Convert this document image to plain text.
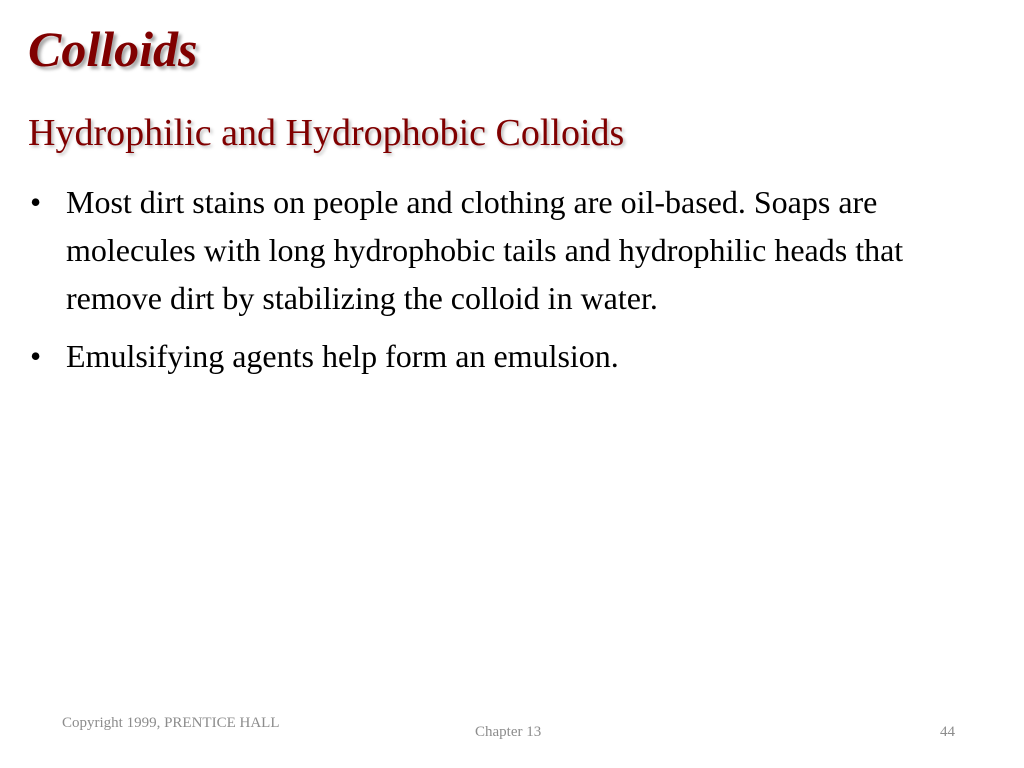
Colloids
Hydrophilic and Hydrophobic Colloids
• Most dirt stains on people and clothing are oil-based. Soaps are molecules with long hydrophobic tails and hydrophilic heads that remove dirt by stabilizing the colloid in water.
• Emulsifying agents help form an emulsion.
Copyright 1999, PRENTICE HALL
Chapter 13	44
